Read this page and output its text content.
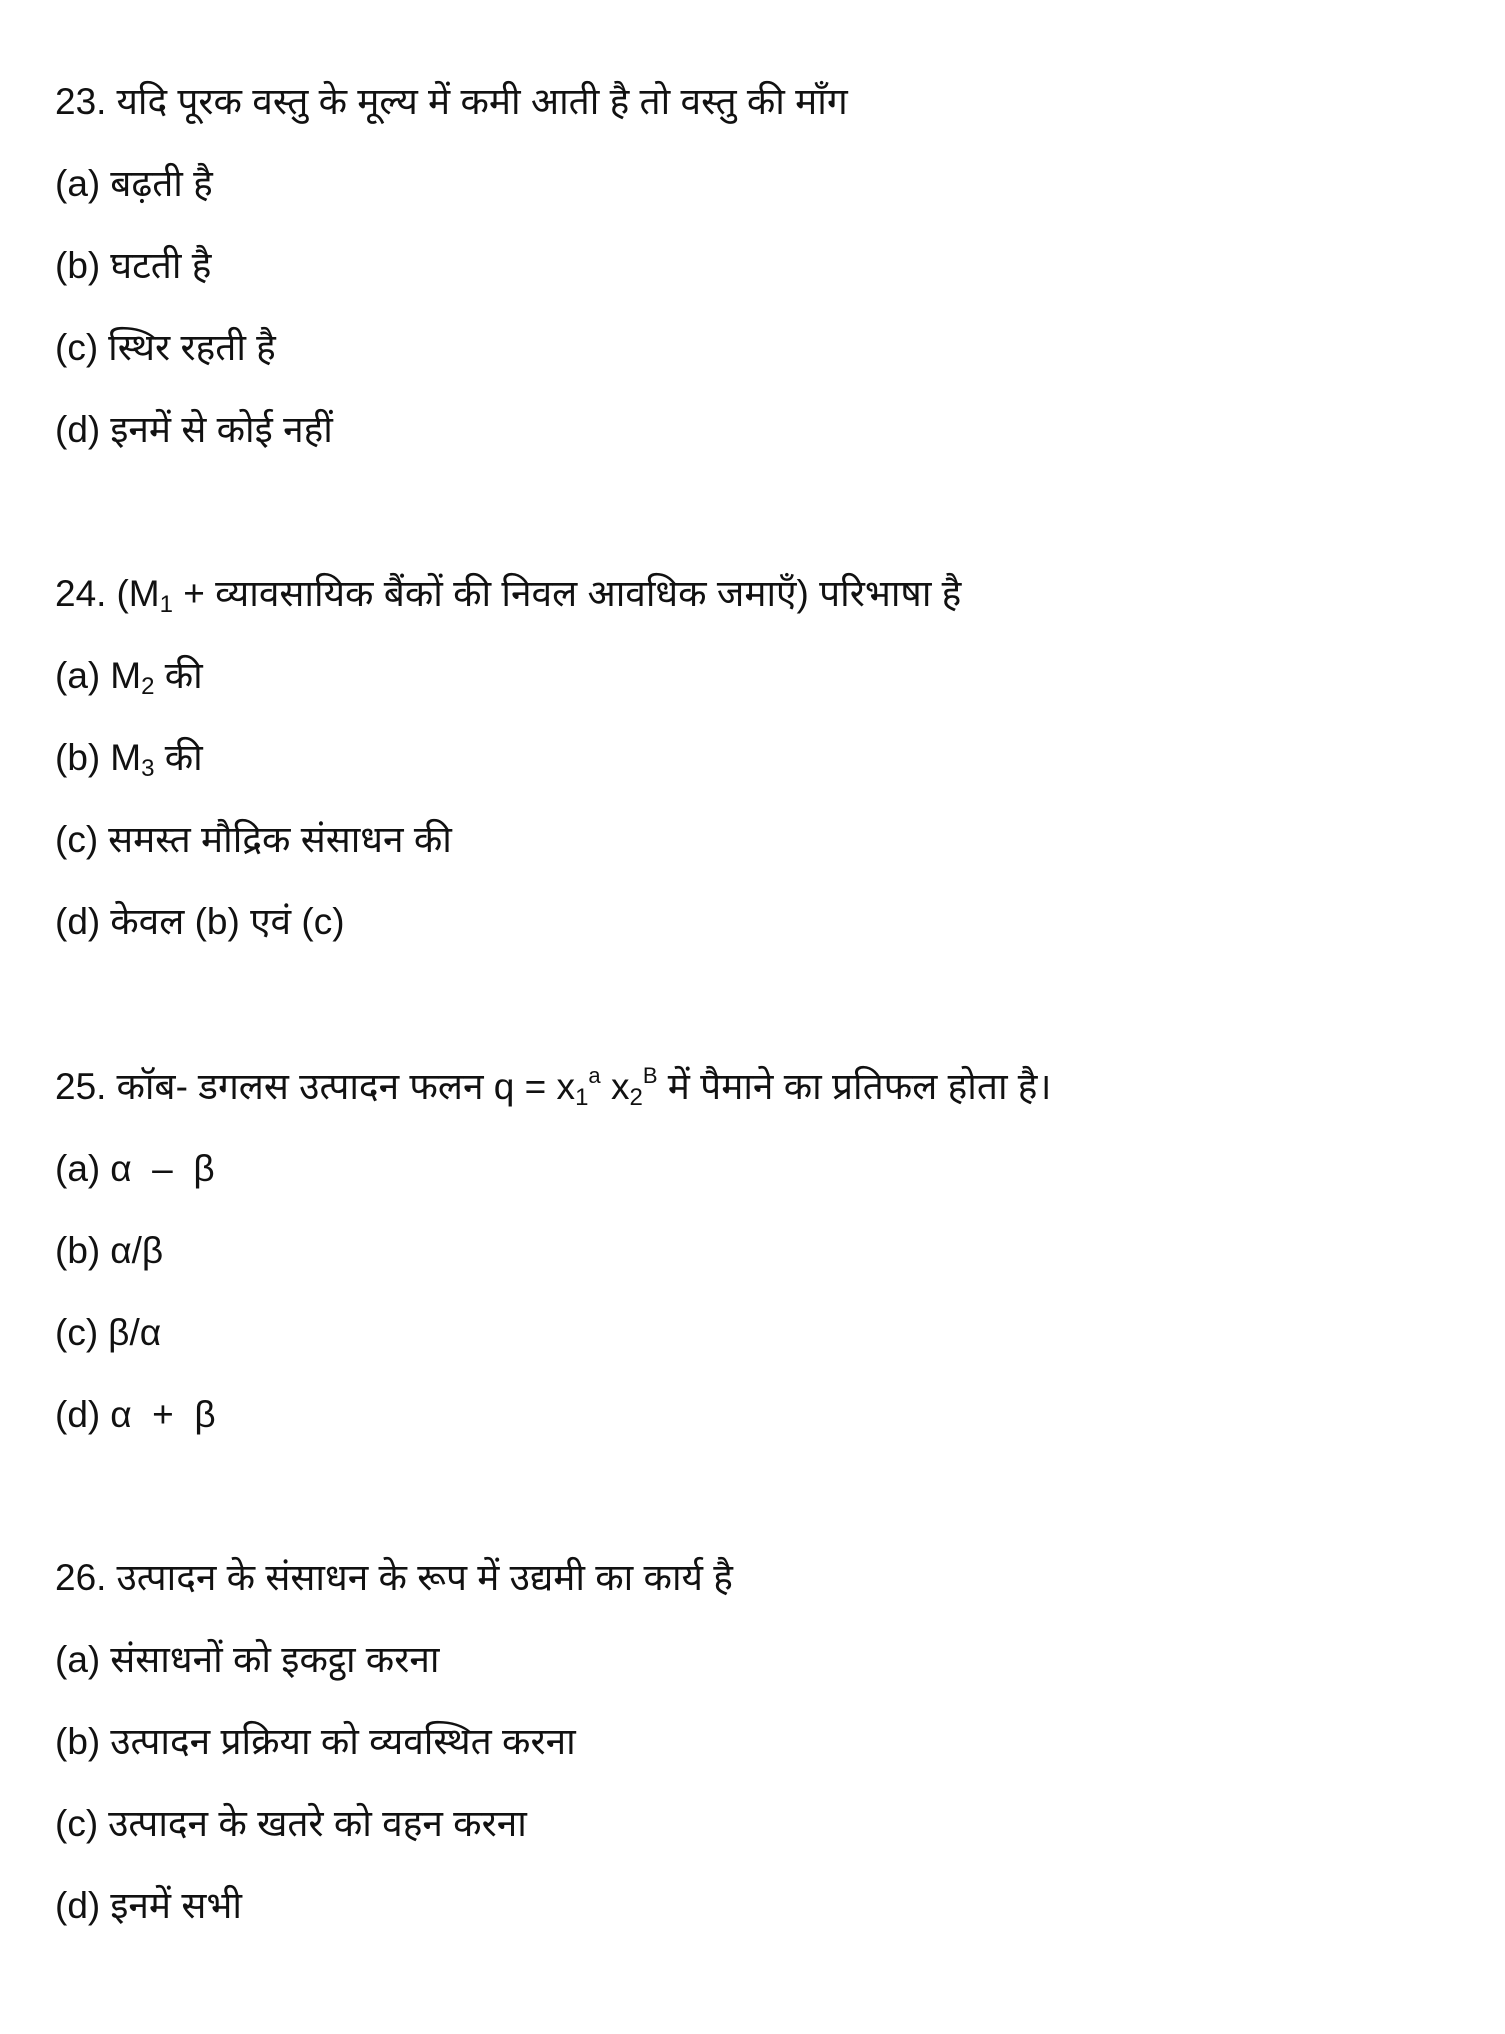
23. यदि पूरक वस्तु के मूल्य में कमी आती है तो वस्तु की माँग
(a) बढ़ती है
(b) घटती है
(c) स्थिर रहती है
(d) इनमें से कोई नहीं
24. ($M_1$ + व्यावसायिक बैंकों की निवल आवधिक जमाएँ) परिभाषा है
(a) $M_2$ की
(b) $M_3$ की
(c) समस्त मौद्रिक संसाधन की
(d) केवल (b) एवं (c)
25. कॉब- डगलस उत्पादन फलन $q = x_1^a$ $x_2^B$ में पैमाने का प्रतिफल होता है।
(a) α  –  β
(b) α/β
(c) β/α
(d) α  +  β
26. उत्पादन के संसाधन के रूप में उद्यमी का कार्य है
(a) संसाधनों को इकट्ठा करना
(b) उत्पादन प्रक्रिया को व्यवस्थित करना
(c) उत्पादन के खतरे को वहन करना
(d) इनमें सभी
